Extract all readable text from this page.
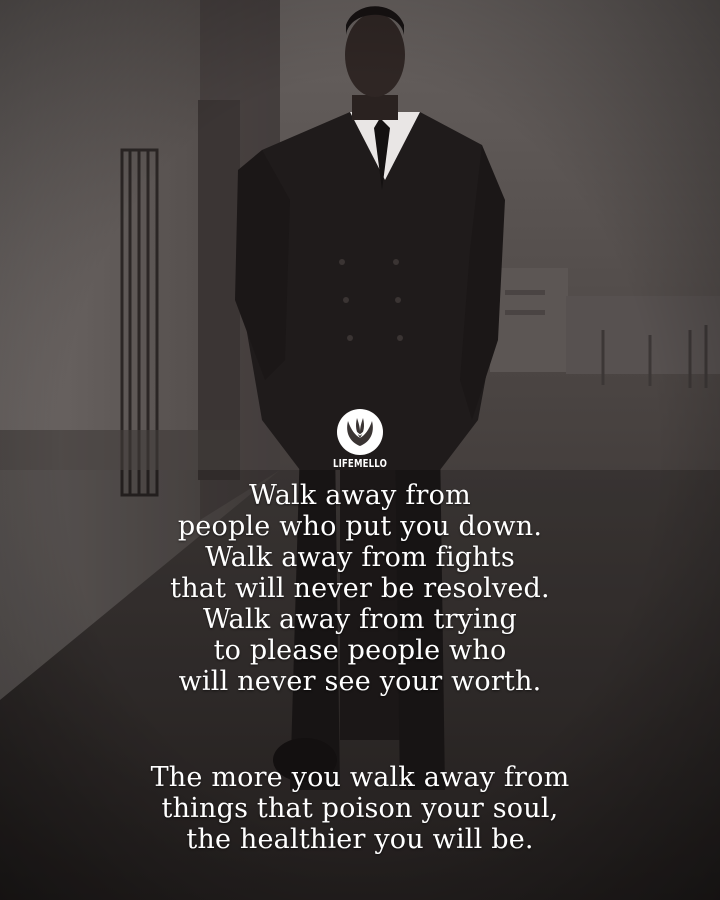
LIFEMELLO
Walk away from
people who put you down.
Walk away from fights
that will never be resolved.
Walk away from trying
to please people who
will never see your worth.
The more you walk away from
things that poison your soul,
the healthier you will be.
